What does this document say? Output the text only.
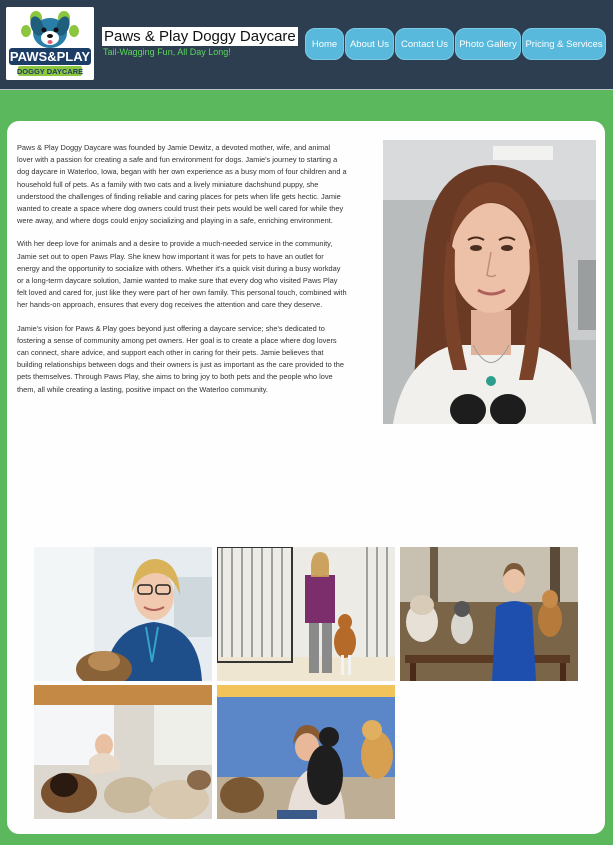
PAWS&PLAY
DOGGY DAYCARE
Paws & Play Doggy Daycare
Tail-Wagging Fun, All Day Long!
Home	About Us	Contact Us	Photo Gallery Pricing & Services

Paws & Play Doggy Daycare was founded by Jamie Dewitz, a devoted mother, wife, and animal lover with a passion for creating a safe and fun environment for dogs. Jamie's journey to starting a dog daycare in Waterloo, Iowa, began with her own experience as a busy mom of four children and a household full of pets. As a family with two cats and a lively miniature dachshund puppy, she understood the challenges of finding reliable and caring places for pets when life gets hectic. Jamie wanted to create a space where dog owners could trust their pets would be well cared for while they were away, and where dogs could enjoy socializing and playing in a safe, enriching environment.

With her deep love for animals and a desire to provide a much-needed service in the community, Jamie set out to open Paws Play. She knew how important it was for pets to have an outlet for energy and the opportunity to socialize with others. Whether it's a quick visit during a busy workday or a long-term daycare solution, Jamie wanted to make sure that every dog who visited Paws Play felt loved and cared for, just like they were part of her own family. This personal touch, combined with her hands-on approach, ensures that every dog receives the attention and care they deserve.

Jamie's vision for Paws & Play goes beyond just offering a daycare service; she's dedicated to fostering a sense of community among pet owners. Her goal is to create a place where dog lovers can connect, share advice, and support each other in caring for their pets. Jamie believes that building relationships between dogs and their owners is just as important as the care provided to the pets themselves. Through Paws Play, she aims to bring joy to both pets and the people who love them, all while creating a lasting, positive impact on the Waterloo community.
